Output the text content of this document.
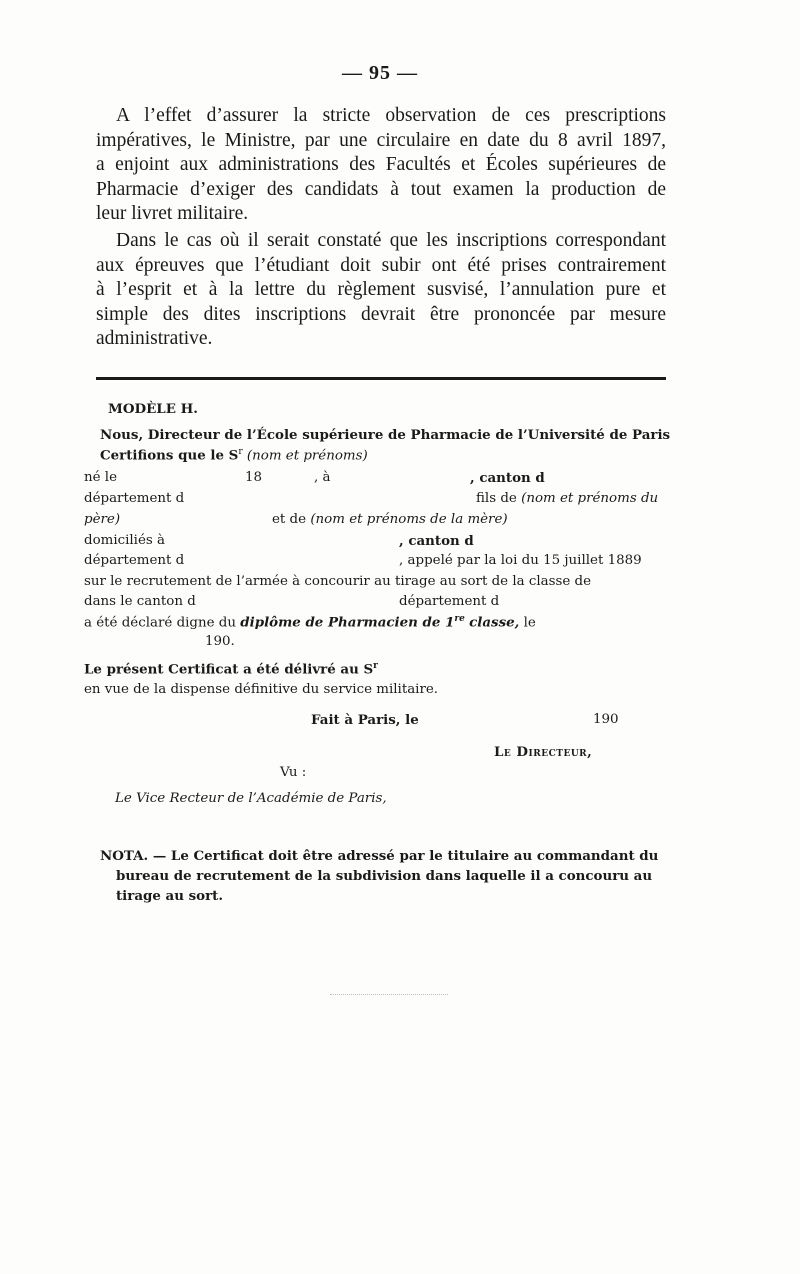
— 95 —
A l’effet d’assurer la stricte observation de ces prescriptions
impératives, le Ministre, par une circulaire en date du 8 avril 1897,
a enjoint aux administrations des Facultés et Écoles supérieures de
Pharmacie d’exiger des candidats à tout examen la production de
leur livret militaire.
Dans le cas où il serait constaté que les inscriptions correspondant
aux épreuves que l’étudiant doit subir ont été prises contrairement
à l’esprit et à la lettre du règlement susvisé, l’annulation pure et
simple des dites inscriptions devrait être prononcée par mesure
administrative.
MODÈLE H.
Nous, Directeur de l’École supérieure de Pharmacie de l’Université de Paris
Certifions que le $S^r$ (nom et prénoms)
né le	18	, à	, canton d
département d	fils de (nom et prénoms du
père)	et de (nom et prénoms de la mère)
domiciliés à	, canton d
département d	, appelé par la loi du 15 juillet 1889
sur le recrutement de l’armée à concourir au tirage au sort de la classe de
dans le canton d	département d
a été déclaré digne du diplôme de Pharmacien de 1re classe, le
190.
Le présent Certificat a été délivré au $S^r$
en vue de la dispense définitive du service militaire.
Fait à Paris, le	190
Le Directeur,
Vu :
Le Vice Recteur de l’Académie de Paris,
NOTA. — Le Certificat doit être adressé par le titulaire au commandant du
bureau de recrutement de la subdivision dans laquelle il a concouru au
tirage au sort.
